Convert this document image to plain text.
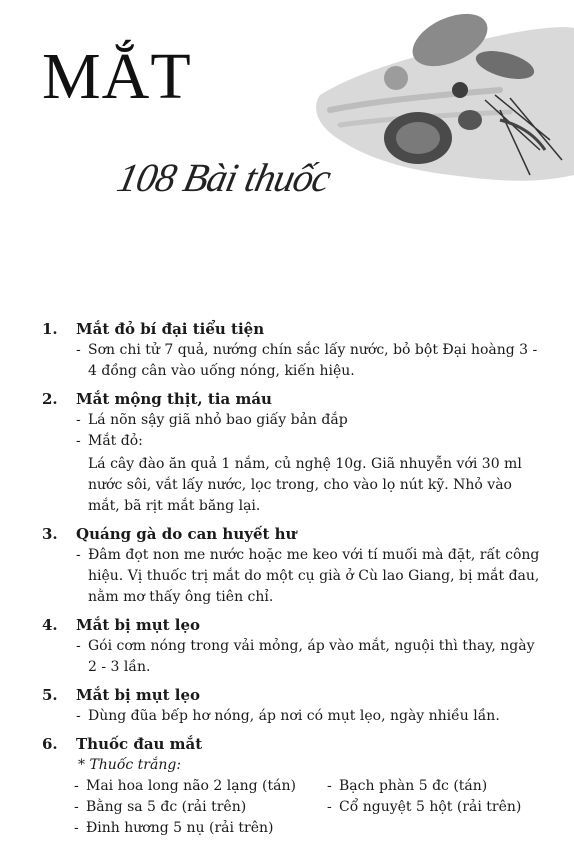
MẮT
108 Bài thuốc
1.	Mắt đỏ bí đại tiểu tiện
- Sơn chi tử 7 quả, nướng chín sắc lấy nước, bỏ bột Đại hoàng 3 - 4 đồng cân vào uống nóng, kiến hiệu.
2.	Mắt mộng thịt, tia máu
- Lá nõn sậy giã nhỏ bao giấy bản đắp
- Mắt đỏ:
Lá cây đào ăn quả 1 nắm, củ nghệ 10g. Giã nhuyễn với 30 ml nước sôi, vắt lấy nước, lọc trong, cho vào lọ nút kỹ. Nhỏ vào mắt, bã rịt mắt băng lại.
3.	Quáng gà do can huyết hư
- Đâm đọt non me nước hoặc me keo với tí muối mà đặt, rất công hiệu. Vị thuốc trị mắt do một cụ già ở Cù lao Giang, bị mắt đau, nằm mơ thấy ông tiên chỉ.
4.	Mắt bị mụt lẹo
- Gói cơm nóng trong vải mỏng, áp vào mắt, nguội thì thay, ngày 2 - 3 lần.
5.	Mắt bị mụt lẹo
- Dùng đũa bếp hơ nóng, áp nơi có mụt lẹo, ngày nhiều lần.
6.	Thuốc đau mắt
* Thuốc trắng:
- Mai hoa long não 2 lạng (tán)
- Bằng sa 5 đc (rải trên)
- Đinh hương 5 nụ (rải trên)
- Bạch phàn 5 đc (tán)
- Cổ nguyệt 5 hột (rải trên)
